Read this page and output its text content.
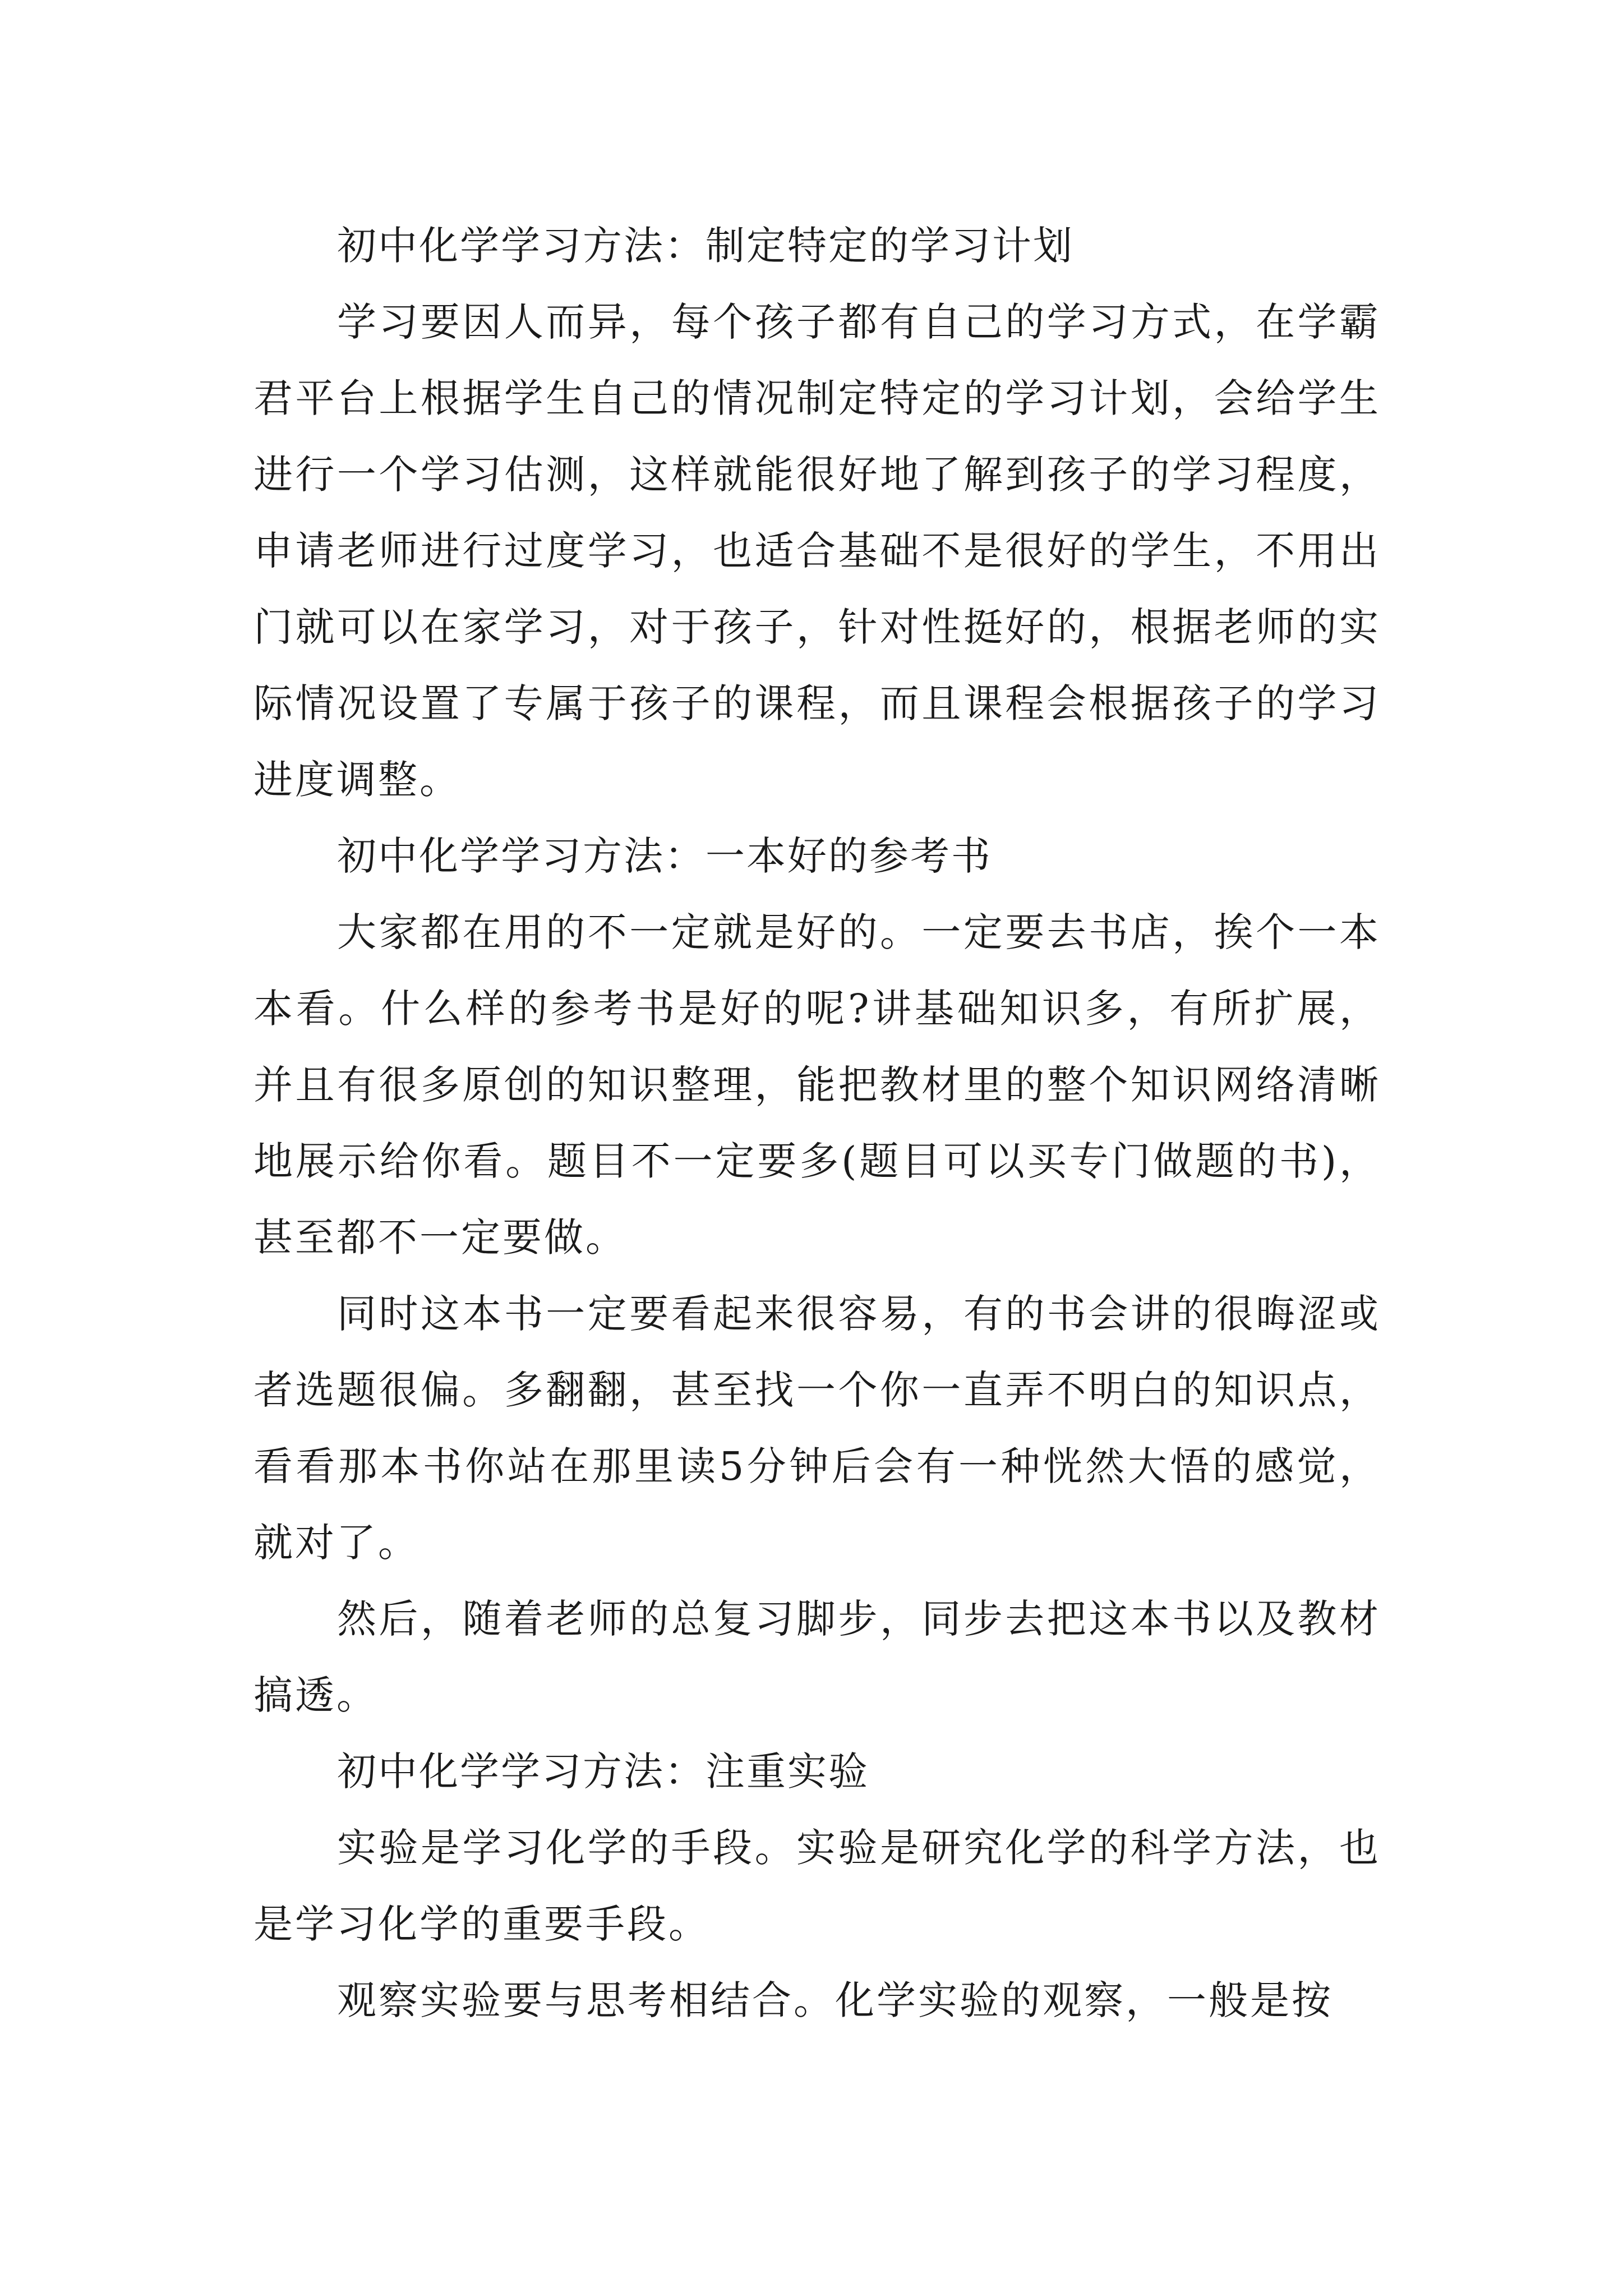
初中化学学习方法：制定特定的学习计划

学习要因人而异，每个孩子都有自己的学习方式，在学霸君平台上根据学生自己的情况制定特定的学习计划，会给学生进行一个学习估测，这样就能很好地了解到孩子的学习程度，申请老师进行过度学习，也适合基础不是很好的学生，不用出门就可以在家学习，对于孩子，针对性挺好的，根据老师的实际情况设置了专属于孩子的课程，而且课程会根据孩子的学习进度调整。

初中化学学习方法：一本好的参考书

大家都在用的不一定就是好的。一定要去书店，挨个一本本看。什么样的参考书是好的呢?讲基础知识多，有所扩展，并且有很多原创的知识整理，能把教材里的整个知识网络清晰地展示给你看。题目不一定要多(题目可以买专门做题的书)，甚至都不一定要做。

同时这本书一定要看起来很容易，有的书会讲的很晦涩或者选题很偏。多翻翻，甚至找一个你一直弄不明白的知识点，看看那本书你站在那里读5分钟后会有一种恍然大悟的感觉，就对了。

然后，随着老师的总复习脚步，同步去把这本书以及教材搞透。

初中化学学习方法：注重实验

实验是学习化学的手段。实验是研究化学的科学方法，也是学习化学的重要手段。

观察实验要与思考相结合。化学实验的观察，一般是按
